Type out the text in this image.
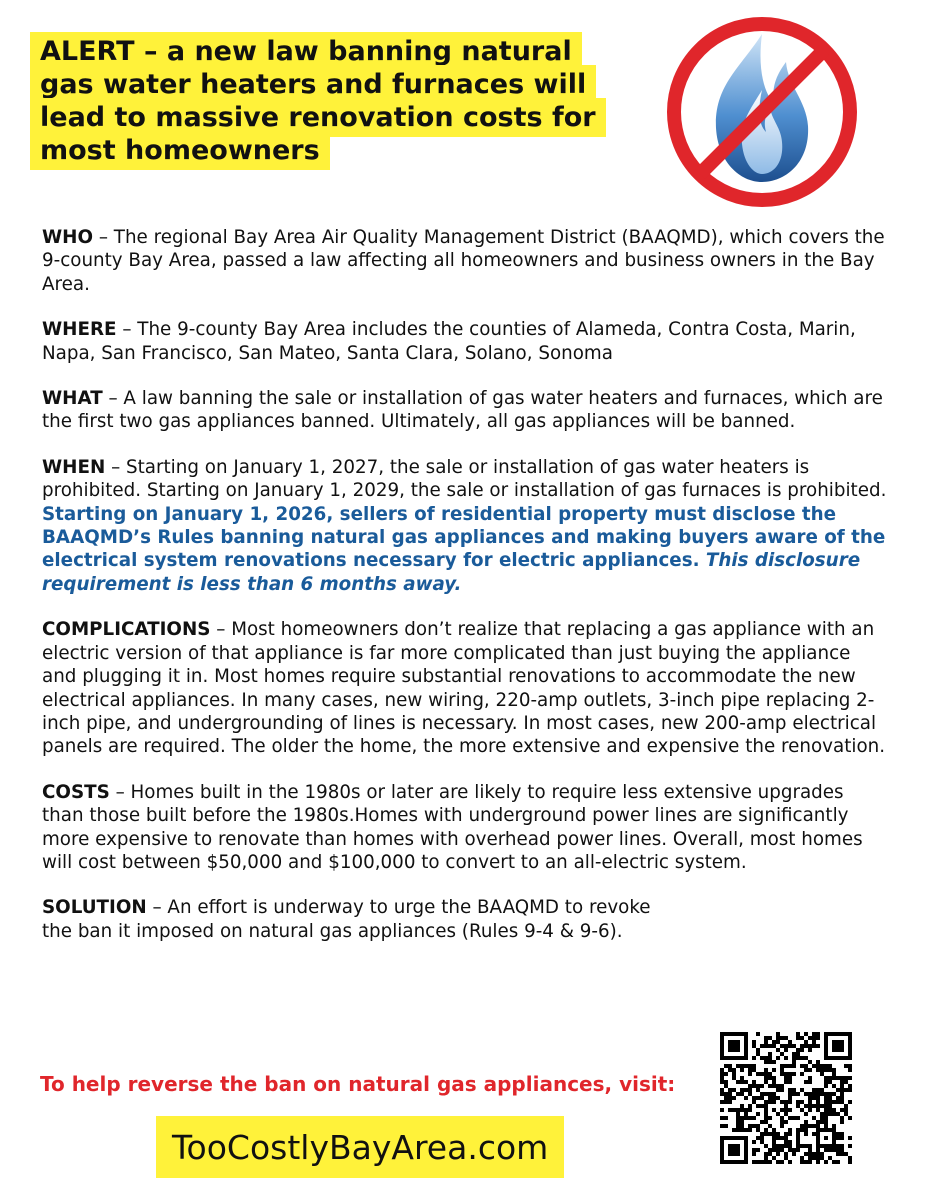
ALERT – a new law banning natural gas water heaters and furnaces will lead to massive renovation costs for most homeowners

WHO – The regional Bay Area Air Quality Management District (BAAQMD), which covers the 9-county Bay Area, passed a law affecting all homeowners and business owners in the Bay Area.

WHERE – The 9-county Bay Area includes the counties of Alameda, Contra Costa, Marin, Napa, San Francisco, San Mateo, Santa Clara, Solano, Sonoma

WHAT – A law banning the sale or installation of gas water heaters and furnaces, which are the first two gas appliances banned. Ultimately, all gas appliances will be banned.

WHEN – Starting on January 1, 2027, the sale or installation of gas water heaters is prohibited. Starting on January 1, 2029, the sale or installation of gas furnaces is prohibited. Starting on January 1, 2026, sellers of residential property must disclose the BAAQMD’s Rules banning natural gas appliances and making buyers aware of the electrical system renovations necessary for electric appliances. This disclosure requirement is less than 6 months away.

COMPLICATIONS – Most homeowners don’t realize that replacing a gas appliance with an electric version of that appliance is far more complicated than just buying the appliance and plugging it in. Most homes require substantial renovations to accommodate the new electrical appliances. In many cases, new wiring, 220-amp outlets, 3-inch pipe replacing 2-inch pipe, and undergrounding of lines is necessary. In most cases, new 200-amp electrical panels are required. The older the home, the more extensive and expensive the renovation.

COSTS – Homes built in the 1980s or later are likely to require less extensive upgrades than those built before the 1980s.Homes with underground power lines are significantly more expensive to renovate than homes with overhead power lines. Overall, most homes will cost between $50,000 and $100,000 to convert to an all-electric system.

SOLUTION – An effort is underway to urge the BAAQMD to revoke the ban it imposed on natural gas appliances (Rules 9-4 & 9-6).

To help reverse the ban on natural gas appliances, visit:
TooCostlyBayArea.com
